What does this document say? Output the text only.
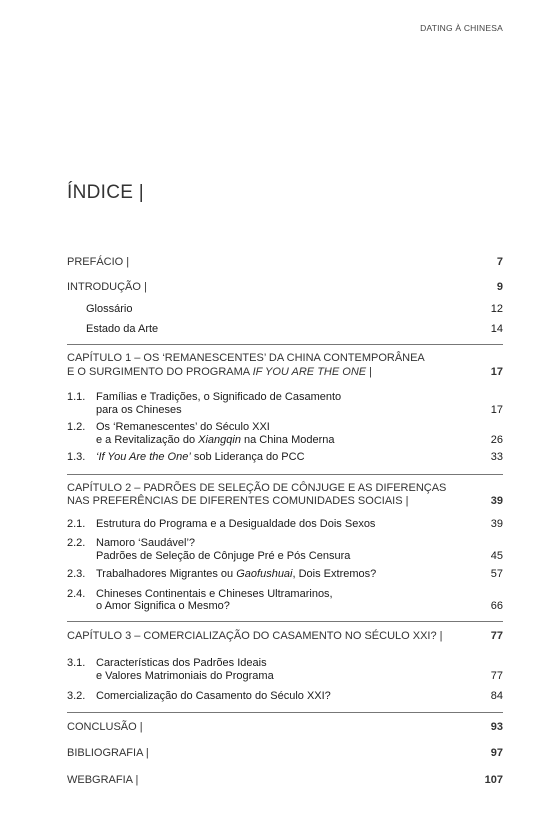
DATING À CHINESA
ÍNDICE |
PREFÁCIO |	7
INTRODUÇÃO |	9
Glossário	12
Estado da Arte	14
CAPÍTULO 1 – OS ‘REMANESCENTES’ DA CHINA CONTEMPORÂNEA
E O SURGIMENTO DO PROGRAMA IF YOU ARE THE ONE |	17
1.1. Famílias e Tradições, o Significado de Casamento
para os Chineses	17
1.2. Os ‘Remanescentes’ do Século XXI
e a Revitalização do Xiangqin na China Moderna	26
1.3. ‘If You Are the One’ sob Liderança do PCC	33
CAPÍTULO 2 – PADRÕES DE SELEÇÃO DE CÔNJUGE E AS DIFERENÇAS
NAS PREFERÊNCIAS DE DIFERENTES COMUNIDADES SOCIAIS |	39
2.1. Estrutura do Programa e a Desigualdade dos Dois Sexos	39
2.2. Namoro ‘Saudável’?
Padrões de Seleção de Cônjuge Pré e Pós Censura	45
2.3. Trabalhadores Migrantes ou Gaofushuai, Dois Extremos?	57
2.4. Chineses Continentais e Chineses Ultramarinos,
o Amor Significa o Mesmo?	66
CAPÍTULO 3 – COMERCIALIZAÇÃO DO CASAMENTO NO SÉCULO XXI? |	77
3.1. Características dos Padrões Ideais
e Valores Matrimoniais do Programa	77
3.2. Comercialização do Casamento do Século XXI?	84
CONCLUSÃO |	93
BIBLIOGRAFIA |	97
WEBGRAFIA |	107
